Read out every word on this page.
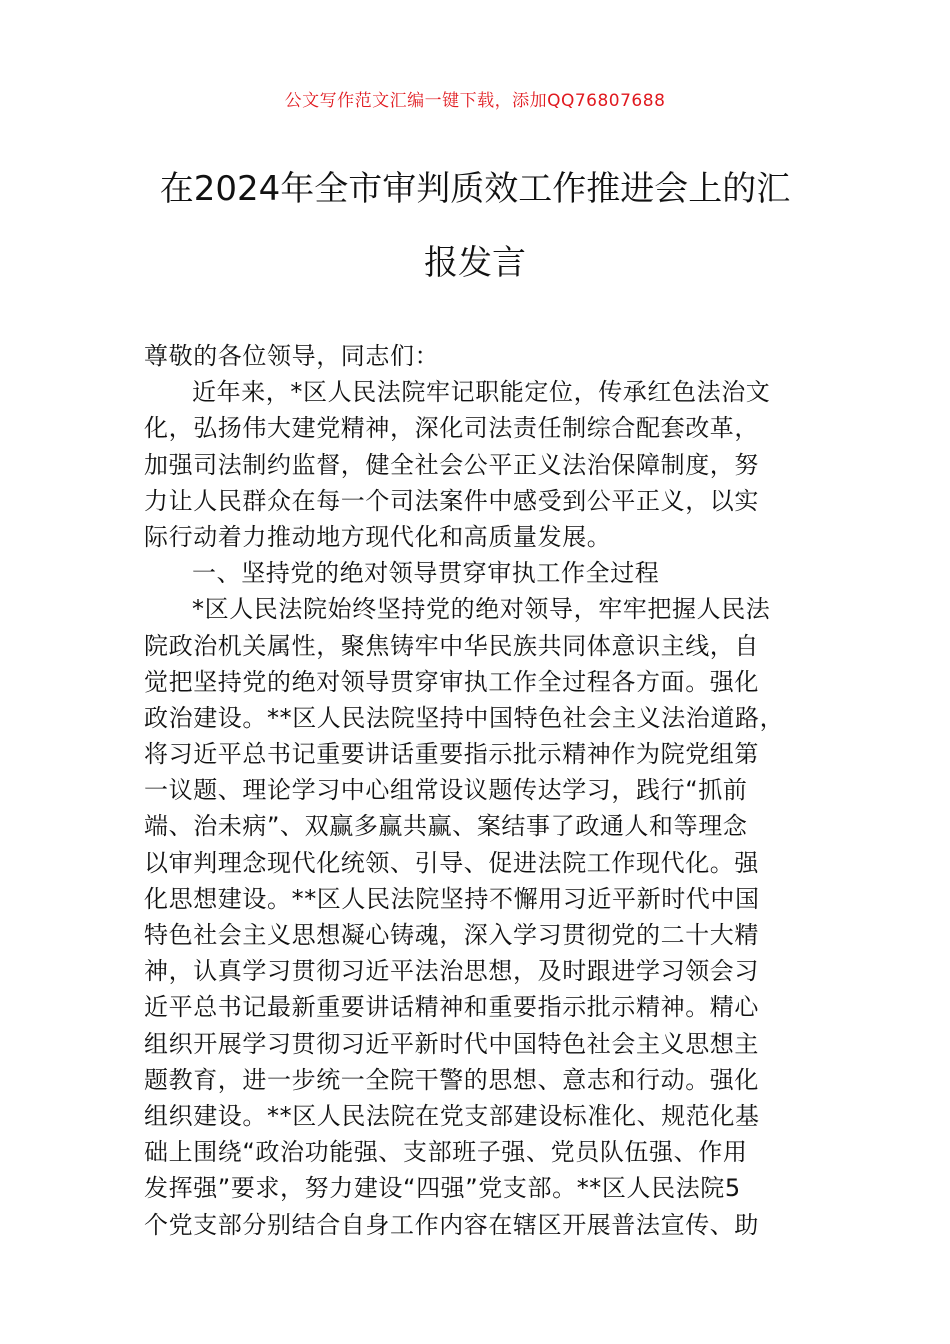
公文写作范文汇编一键下载，添加QQ76807688
在2024年全市审判质效工作推进会上的汇
报发言
尊敬的各位领导，同志们：
近年来，*区人民法院牢记职能定位，传承红色法治文
化，弘扬伟大建党精神，深化司法责任制综合配套改革，
加强司法制约监督，健全社会公平正义法治保障制度，努
力让人民群众在每一个司法案件中感受到公平正义，以实
际行动着力推动地方现代化和高质量发展。
一、坚持党的绝对领导贯穿审执工作全过程
*区人民法院始终坚持党的绝对领导，牢牢把握人民法
院政治机关属性，聚焦铸牢中华民族共同体意识主线，自
觉把坚持党的绝对领导贯穿审执工作全过程各方面。强化
政治建设。**区人民法院坚持中国特色社会主义法治道路，
将习近平总书记重要讲话重要指示批示精神作为院党组第
一议题、理论学习中心组常设议题传达学习，践行“抓前
端、治未病”、双赢多赢共赢、案结事了政通人和等理念
以审判理念现代化统领、引导、促进法院工作现代化。强
化思想建设。**区人民法院坚持不懈用习近平新时代中国
特色社会主义思想凝心铸魂，深入学习贯彻党的二十大精
神，认真学习贯彻习近平法治思想，及时跟进学习领会习
近平总书记最新重要讲话精神和重要指示批示精神。精心
组织开展学习贯彻习近平新时代中国特色社会主义思想主
题教育，进一步统一全院干警的思想、意志和行动。强化
组织建设。**区人民法院在党支部建设标准化、规范化基
础上围绕“政治功能强、支部班子强、党员队伍强、作用
发挥强”要求，努力建设“四强”党支部。**区人民法院5
个党支部分别结合自身工作内容在辖区开展普法宣传、助
